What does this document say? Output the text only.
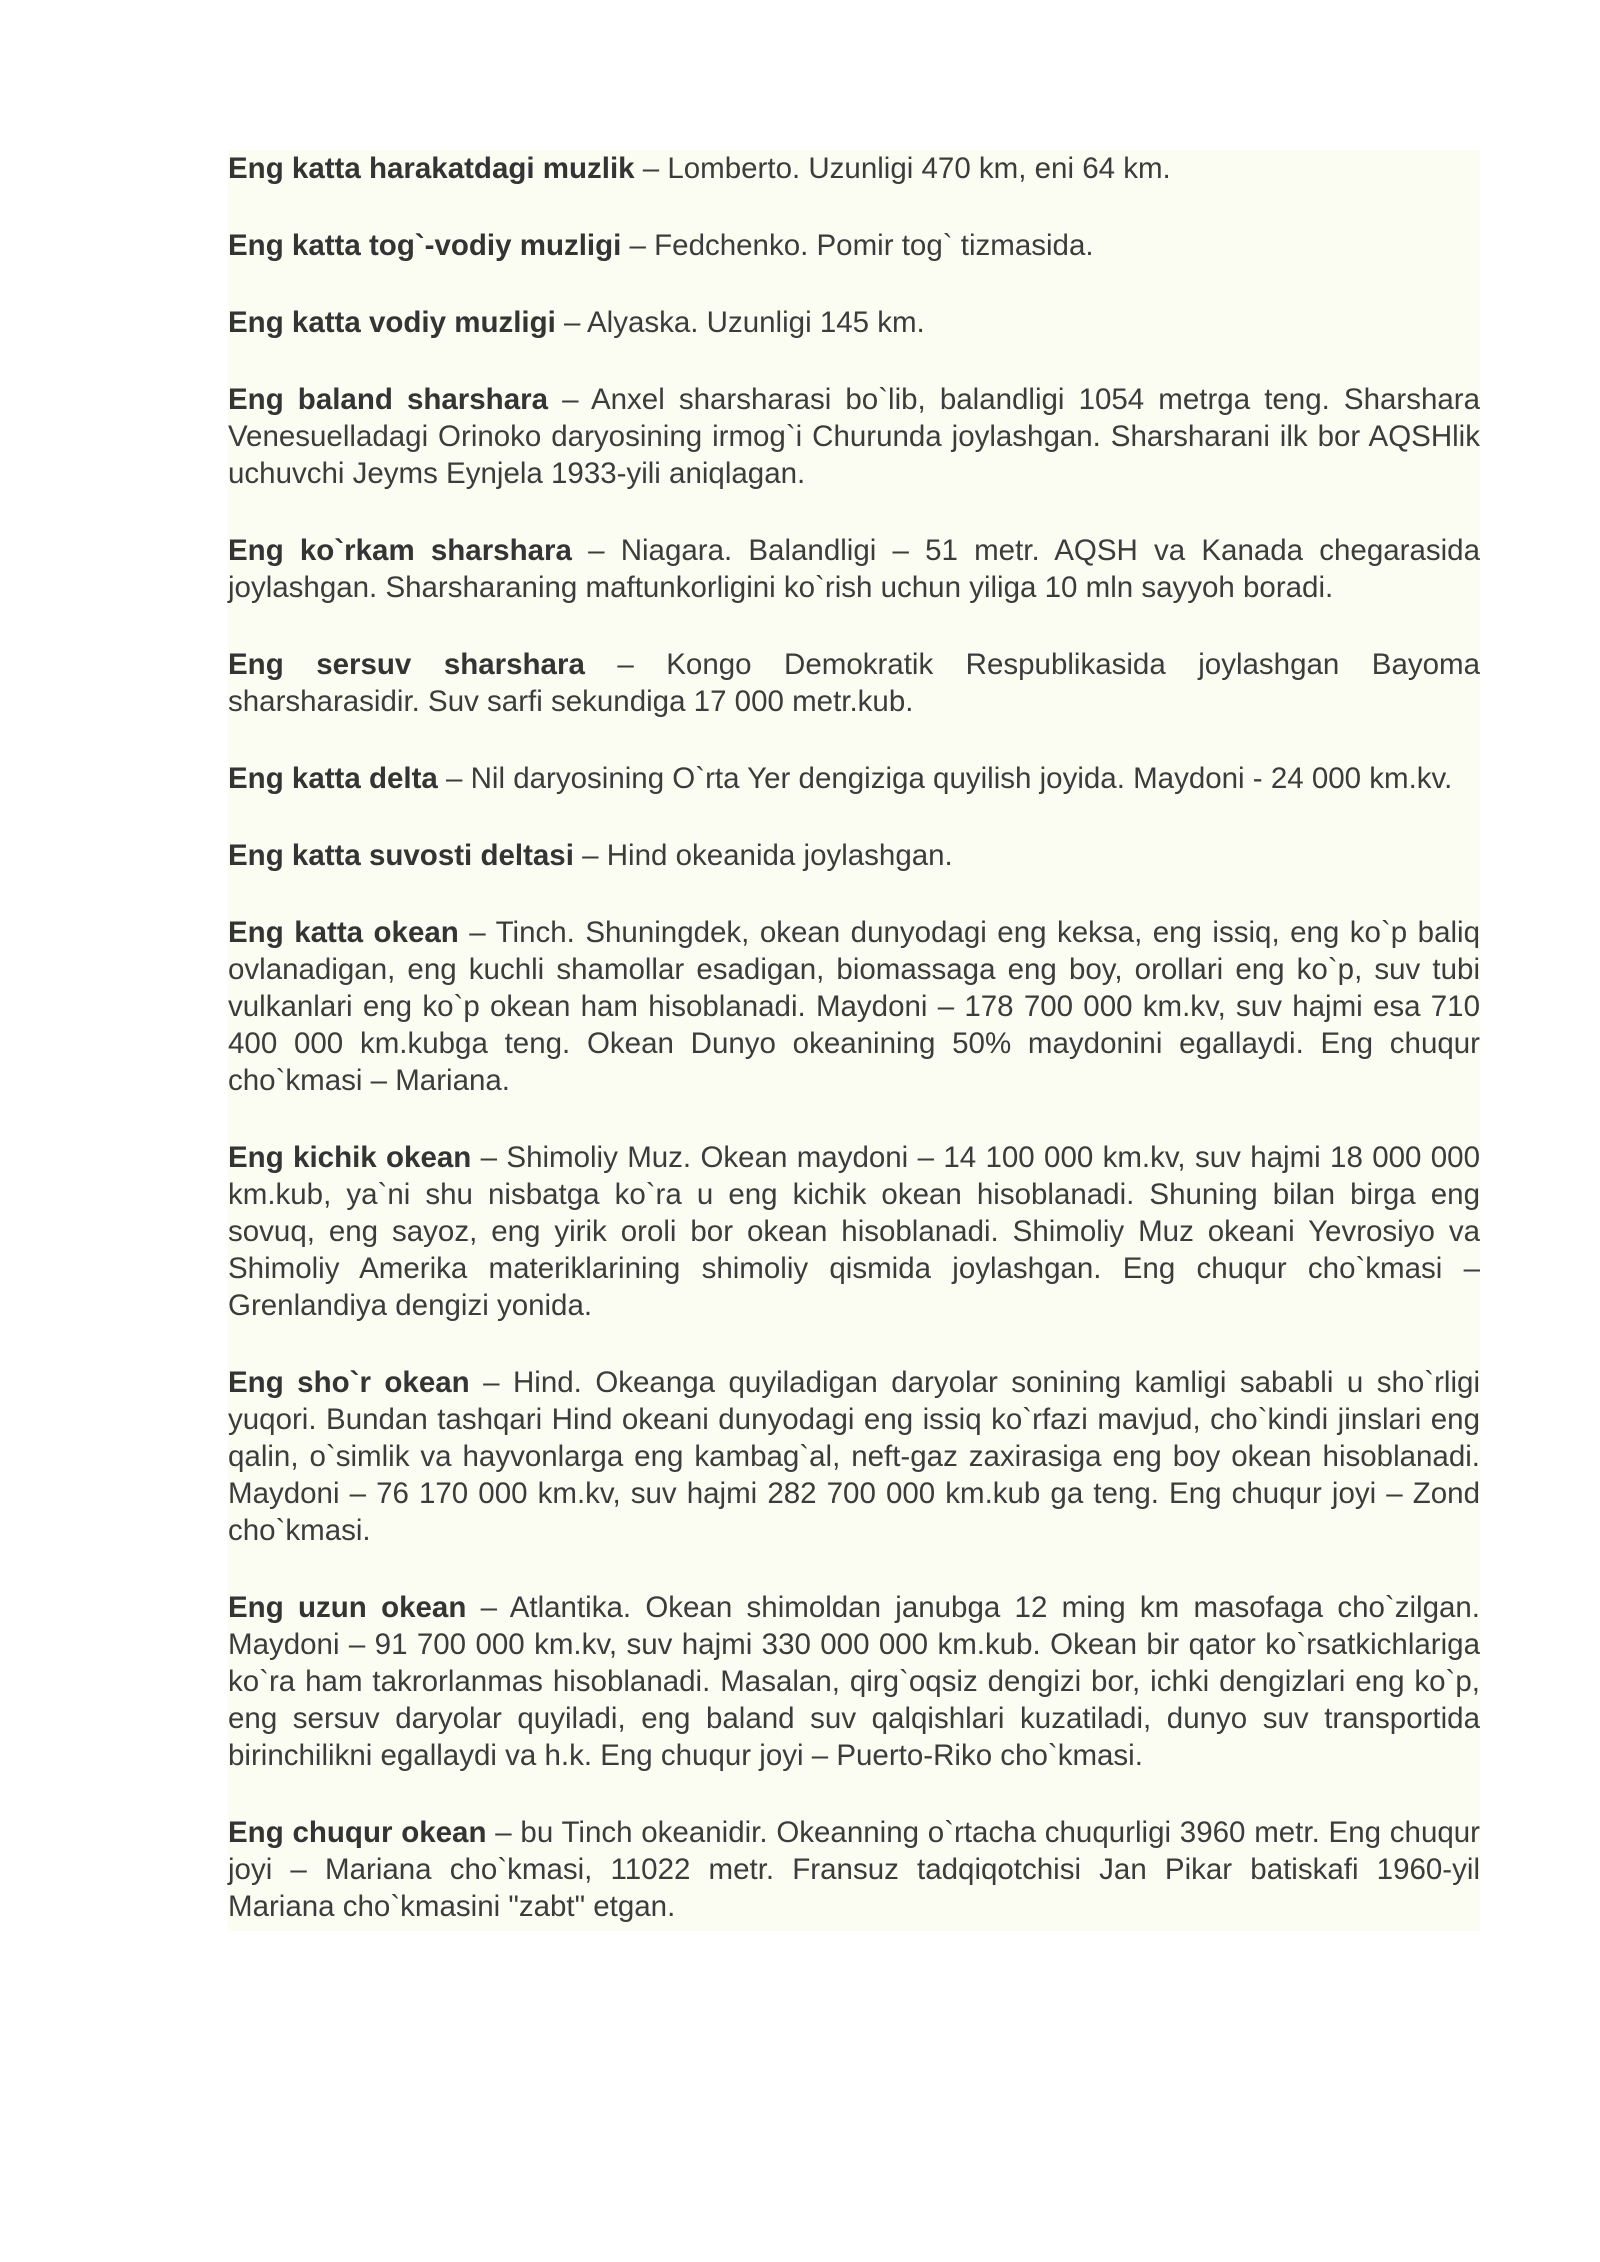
Eng katta harakatdagi muzlik – Lomberto. Uzunligi 470 km, eni 64 km.

Eng katta tog`-vodiy muzligi – Fedchenko. Pomir tog` tizmasida.

Eng katta vodiy muzligi – Alyaska. Uzunligi 145 km.

Eng baland sharshara – Anxel sharsharasi bo`lib, balandligi 1054 metrga teng. Sharshara Venesuelladagi Orinoko daryosining irmog`i Churunda joylashgan. Sharsharani ilk bor AQSHlik uchuvchi Jeyms Eynjela 1933-yili aniqlagan.

Eng ko`rkam sharshara – Niagara. Balandligi – 51 metr. AQSH va Kanada chegarasida joylashgan. Sharsharaning maftunkorligini ko`rish uchun yiliga 10 mln sayyoh boradi.

Eng sersuv sharshara – Kongo Demokratik Respublikasida joylashgan Bayoma sharsharasidir. Suv sarfi sekundiga 17 000 metr.kub.

Eng katta delta – Nil daryosining O`rta Yer dengiziga quyilish joyida. Maydoni - 24 000 km.kv.

Eng katta suvosti deltasi – Hind okeanida joylashgan.

Eng katta okean – Tinch. Shuningdek, okean dunyodagi eng keksa, eng issiq, eng ko`p baliq ovlanadigan, eng kuchli shamollar esadigan, biomassaga eng boy, orollari eng ko`p, suv tubi vulkanlari eng ko`p okean ham hisoblanadi. Maydoni – 178 700 000 km.kv, suv hajmi esa 710 400 000 km.kubga teng. Okean Dunyo okeanining 50% maydonini egallaydi. Eng chuqur cho`kmasi – Mariana.

Eng kichik okean – Shimoliy Muz. Okean maydoni – 14 100 000 km.kv, suv hajmi 18 000 000 km.kub, ya`ni shu nisbatga ko`ra u eng kichik okean hisoblanadi. Shuning bilan birga eng sovuq, eng sayoz, eng yirik oroli bor okean hisoblanadi. Shimoliy Muz okeani Yevrosiyo va Shimoliy Amerika materiklarining shimoliy qismida joylashgan. Eng chuqur cho`kmasi – Grenlandiya dengizi yonida.

Eng sho`r okean – Hind. Okeanga quyiladigan daryolar sonining kamligi sababli u sho`rligi yuqori. Bundan tashqari Hind okeani dunyodagi eng issiq ko`rfazi mavjud, cho`kindi jinslari eng qalin, o`simlik va hayvonlarga eng kambag`al, neft-gaz zaxirasiga eng boy okean hisoblanadi. Maydoni – 76 170 000 km.kv, suv hajmi 282 700 000 km.kub ga teng. Eng chuqur joyi – Zond cho`kmasi.

Eng uzun okean – Atlantika. Okean shimoldan janubga 12 ming km masofaga cho`zilgan. Maydoni – 91 700 000 km.kv, suv hajmi 330 000 000 km.kub. Okean bir qator ko`rsatkichlariga ko`ra ham takrorlanmas hisoblanadi. Masalan, qirg`oqsiz dengizi bor, ichki dengizlari eng ko`p, eng sersuv daryolar quyiladi, eng baland suv qalqishlari kuzatiladi, dunyo suv transportida birinchilikni egallaydi va h.k. Eng chuqur joyi – Puerto-Riko cho`kmasi.

Eng chuqur okean – bu Tinch okeanidir. Okeanning o`rtacha chuqurligi 3960 metr. Eng chuqur joyi – Mariana cho`kmasi, 11022 metr. Fransuz tadqiqotchisi Jan Pikar batiskafi 1960-yil Mariana cho`kmasini "zabt" etgan.
